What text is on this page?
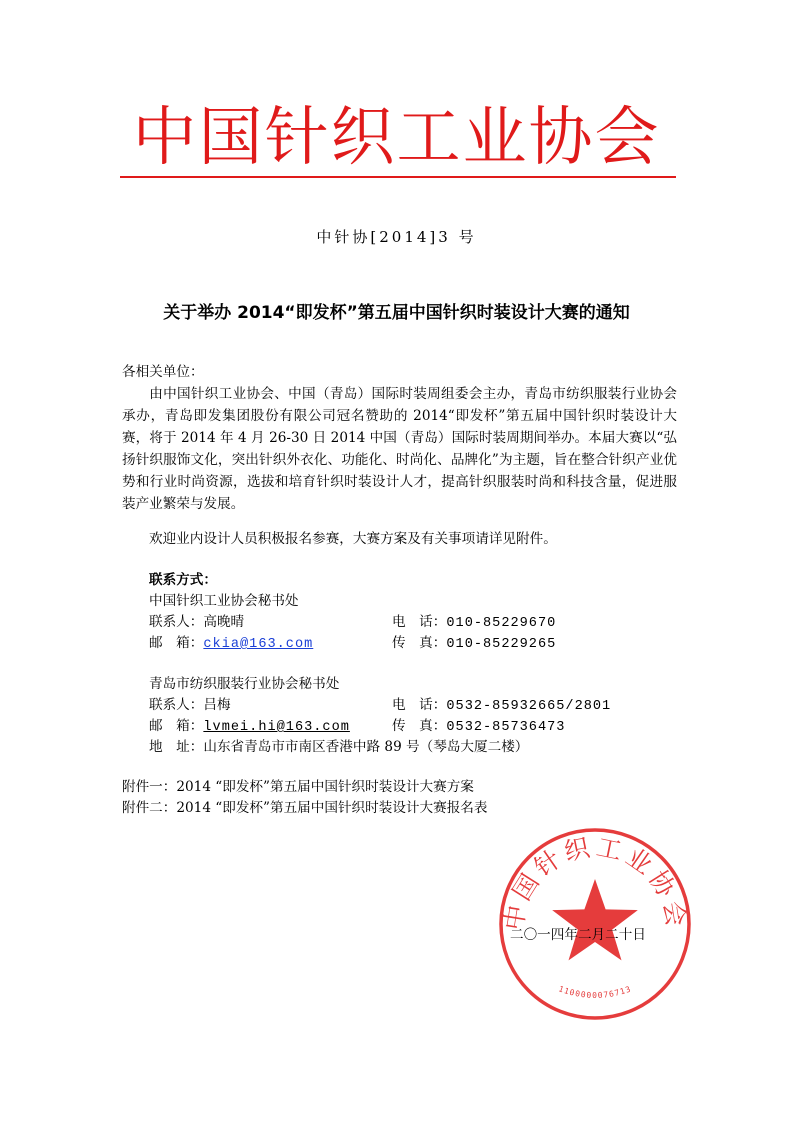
中国针织工业协会
中针协[2014]3 号
关于举办 2014“即发杯”第五届中国针织时装设计大赛的通知
各相关单位：
由中国针织工业协会、中国（青岛）国际时装周组委会主办，青岛市纺织服装行业协会承办，青岛即发集团股份有限公司冠名赞助的 2014“即发杯”第五届中国针织时装设计大赛，将于 2014 年 4 月 26-30 日 2014 中国（青岛）国际时装周期间举办。本届大赛以“弘扬针织服饰文化，突出针织外衣化、功能化、时尚化、品牌化”为主题，旨在整合针织产业优势和行业时尚资源，选拔和培育针织时装设计人才，提高针织服装时尚和科技含量，促进服装产业繁荣与发展。
欢迎业内设计人员积极报名参赛，大赛方案及有关事项请详见附件。
联系方式：
中国针织工业协会秘书处
联系人：高晚晴	电　话：010-85229670
邮　箱：ckia@163.com	传　真：010-85229265
青岛市纺织服装行业协会秘书处
联系人：吕梅	电　话：0532-85932665/2801
邮　箱：lvmei.hi@163.com	传　真：0532-85736473
地　址：山东省青岛市市南区香港中路 89 号（琴岛大厦二楼）
附件一：2014 “即发杯”第五届中国针织时装设计大赛方案
附件二：2014 “即发杯”第五届中国针织时装设计大赛报名表
中国针织工业协会
1100000076713
二〇一四年二月二十日
